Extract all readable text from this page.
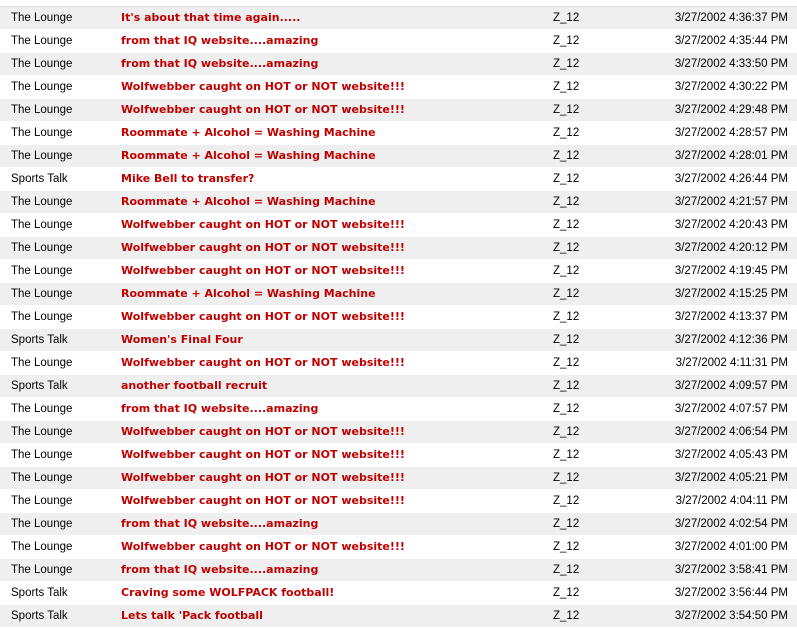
The Lounge	It's about that time again.....	Z_12	3/27/2002 4:36:37 PM
The Lounge	from that IQ website....amazing	Z_12	3/27/2002 4:35:44 PM
The Lounge	from that IQ website....amazing	Z_12	3/27/2002 4:33:50 PM
The Lounge	Wolfwebber caught on HOT or NOT website!!!	Z_12	3/27/2002 4:30:22 PM
The Lounge	Wolfwebber caught on HOT or NOT website!!!	Z_12	3/27/2002 4:29:48 PM
The Lounge	Roommate + Alcohol = Washing Machine	Z_12	3/27/2002 4:28:57 PM
The Lounge	Roommate + Alcohol = Washing Machine	Z_12	3/27/2002 4:28:01 PM
Sports Talk	Mike Bell to transfer?	Z_12	3/27/2002 4:26:44 PM
The Lounge	Roommate + Alcohol = Washing Machine	Z_12	3/27/2002 4:21:57 PM
The Lounge	Wolfwebber caught on HOT or NOT website!!!	Z_12	3/27/2002 4:20:43 PM
The Lounge	Wolfwebber caught on HOT or NOT website!!!	Z_12	3/27/2002 4:20:12 PM
The Lounge	Wolfwebber caught on HOT or NOT website!!!	Z_12	3/27/2002 4:19:45 PM
The Lounge	Roommate + Alcohol = Washing Machine	Z_12	3/27/2002 4:15:25 PM
The Lounge	Wolfwebber caught on HOT or NOT website!!!	Z_12	3/27/2002 4:13:37 PM
Sports Talk	Women's Final Four	Z_12	3/27/2002 4:12:36 PM
The Lounge	Wolfwebber caught on HOT or NOT website!!!	Z_12	3/27/2002 4:11:31 PM
Sports Talk	another football recruit	Z_12	3/27/2002 4:09:57 PM
The Lounge	from that IQ website....amazing	Z_12	3/27/2002 4:07:57 PM
The Lounge	Wolfwebber caught on HOT or NOT website!!!	Z_12	3/27/2002 4:06:54 PM
The Lounge	Wolfwebber caught on HOT or NOT website!!!	Z_12	3/27/2002 4:05:43 PM
The Lounge	Wolfwebber caught on HOT or NOT website!!!	Z_12	3/27/2002 4:05:21 PM
The Lounge	Wolfwebber caught on HOT or NOT website!!!	Z_12	3/27/2002 4:04:11 PM
The Lounge	from that IQ website....amazing	Z_12	3/27/2002 4:02:54 PM
The Lounge	Wolfwebber caught on HOT or NOT website!!!	Z_12	3/27/2002 4:01:00 PM
The Lounge	from that IQ website....amazing	Z_12	3/27/2002 3:58:41 PM
Sports Talk	Craving some WOLFPACK football!	Z_12	3/27/2002 3:56:44 PM
Sports Talk	Lets talk 'Pack football	Z_12	3/27/2002 3:54:50 PM
